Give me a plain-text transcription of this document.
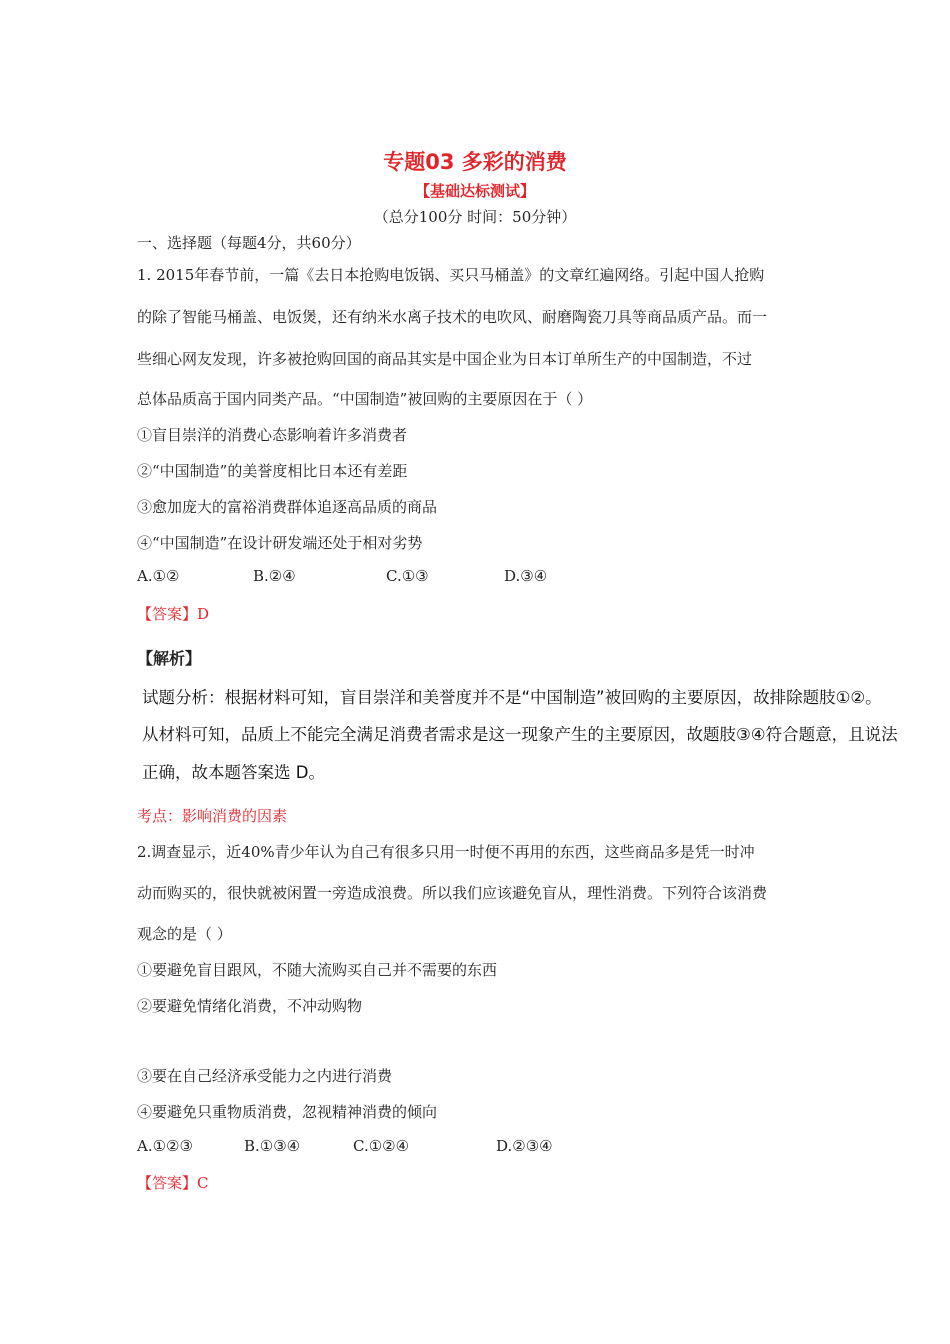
专题03 多彩的消费
【基础达标测试】
（总分100分 时间：50分钟）
一、选择题（每题4分，共60分）
1. 2015年春节前，一篇《去日本抢购电饭锅、买只马桶盖》的文章红遍网络。引起中国人抢购
的除了智能马桶盖、电饭煲，还有纳米水离子技术的电吹风、耐磨陶瓷刀具等商品质产品。而一
些细心网友发现，许多被抢购回国的商品其实是中国企业为日本订单所生产的中国制造，不过
总体品质高于国内同类产品。“中国制造”被回购的主要原因在于（ ）
①盲目崇洋的消费心态影响着许多消费者
②“中国制造”的美誉度相比日本还有差距
③愈加庞大的富裕消费群体追逐高品质的商品
④“中国制造”在设计研发端还处于相对劣势
A.①②	B.②④	C.①③	D.③④
【答案】D
【解析】
试题分析：根据材料可知，盲目崇洋和美誉度并不是“中国制造”被回购的主要原因，故排除题肢①②。
从材料可知，品质上不能完全满足消费者需求是这一现象产生的主要原因，故题肢③④符合题意，且说法
正确，故本题答案选 D。
考点：影响消费的因素
2.调查显示，近40%青少年认为自己有很多只用一时便不再用的东西，这些商品多是凭一时冲
动而购买的，很快就被闲置一旁造成浪费。所以我们应该避免盲从，理性消费。下列符合该消费
观念的是（ ）
①要避免盲目跟风，不随大流购买自己并不需要的东西
②要避免情绪化消费，不冲动购物
③要在自己经济承受能力之内进行消费
④要避免只重物质消费，忽视精神消费的倾向
A.①②③	B.①③④	C.①②④	D.②③④
【答案】C
